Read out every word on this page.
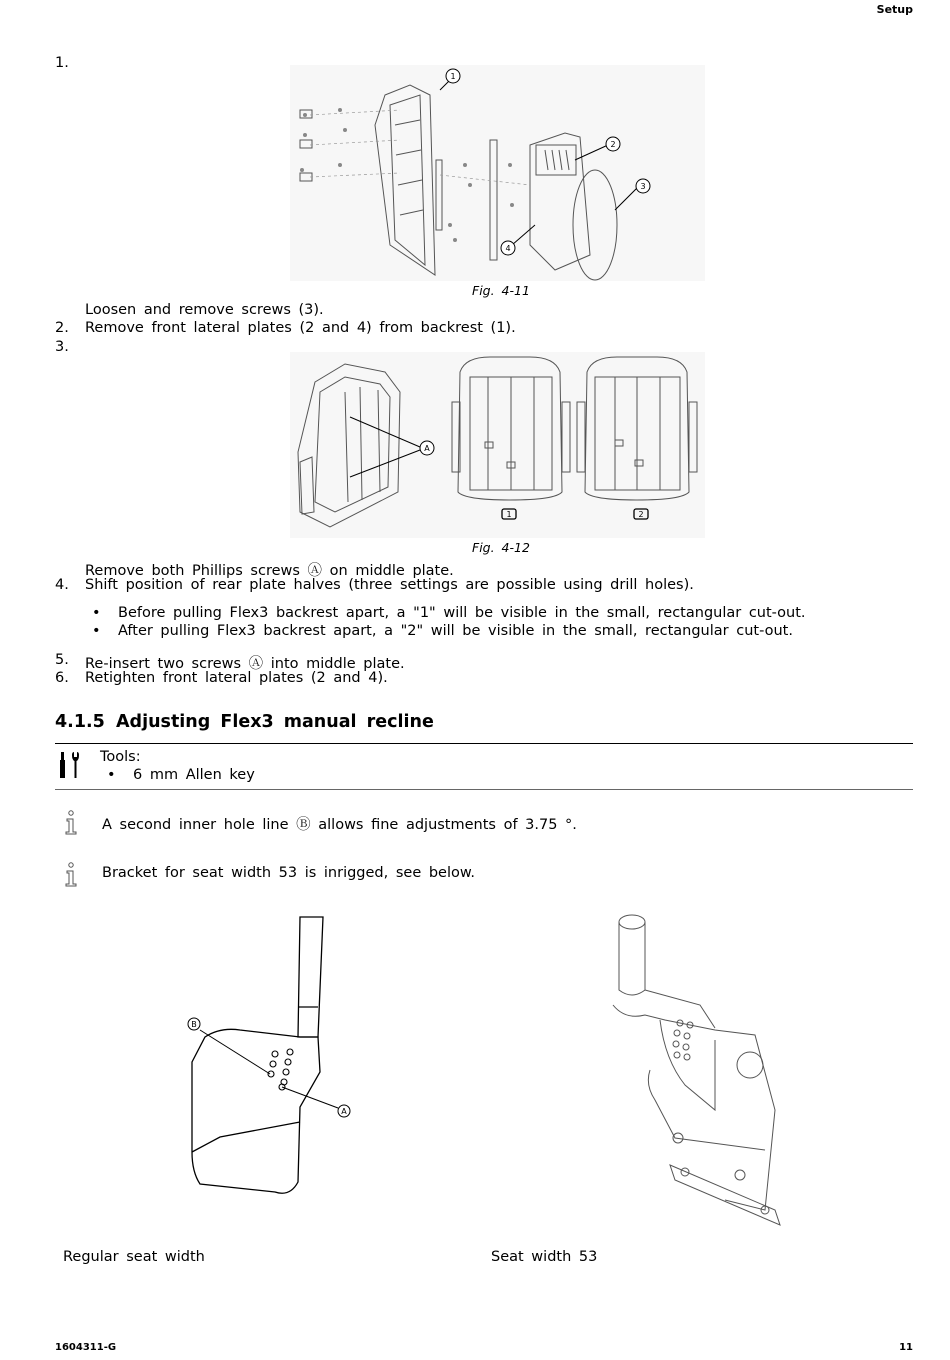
Setup
1.
1
2
3
4
Fig. 4-11
Loosen and remove screws (3).
2. Remove front lateral plates (2 and 4) from backrest (1).
3.
1	2
A
Fig. 4-12
Remove both Phillips screws Ⓐ on middle plate.
4. Shift position of rear plate halves (three settings are possible using drill holes).
• Before pulling Flex3 backrest apart, a "1" will be visible in the small, rectangular cut-out.
• After pulling Flex3 backrest apart, a "2" will be visible in the small, rectangular cut-out.
5. Re-insert two screws Ⓐ into middle plate.
6. Retighten front lateral plates (2 and 4).
4.1.5 Adjusting Flex3 manual recline
Tools:
• 6 mm Allen key
A second inner hole line Ⓑ allows fine adjustments of 3.75 °.
Bracket for seat width 53 is inrigged, see below.
B
A
Regular seat width	Seat width 53
1604311-G	11
